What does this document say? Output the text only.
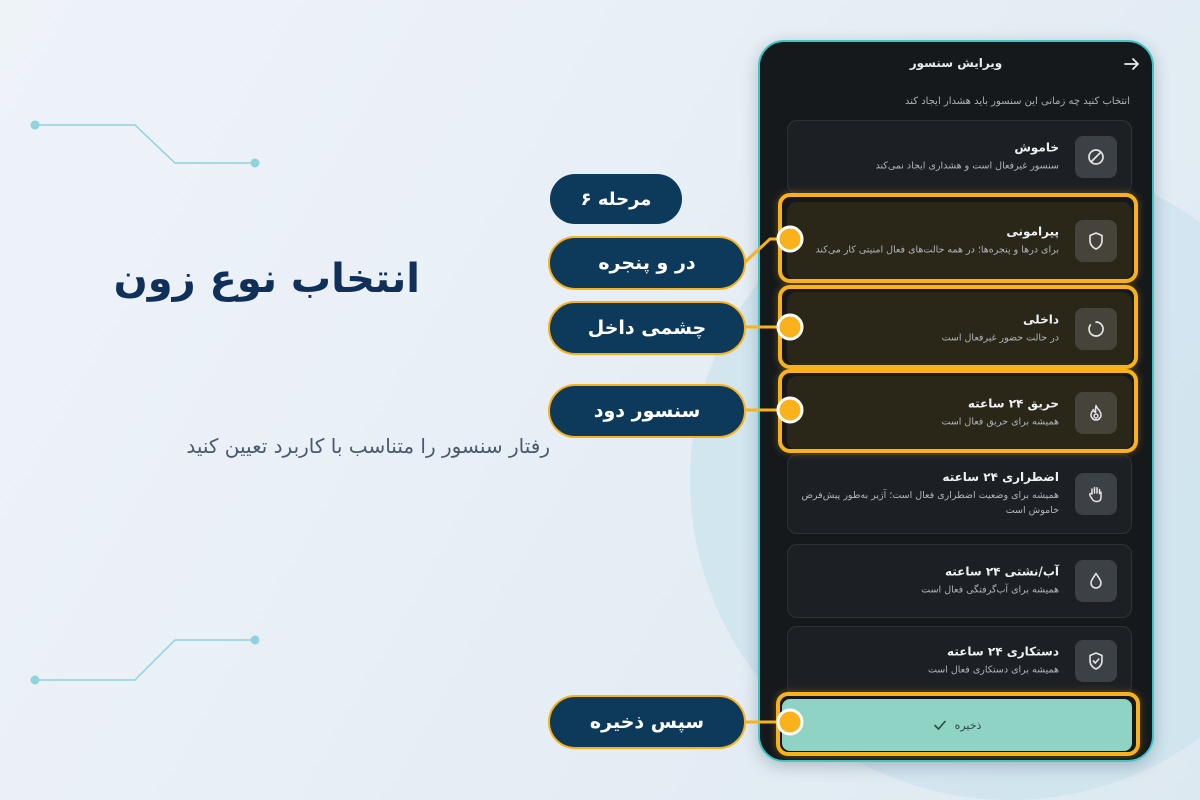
انتخاب نوع زون
رفتار سنسور را متناسب با کاربرد تعیین کنید
ویرایش سنسور
انتخاب کنید چه زمانی این سنسور باید هشدار ایجاد کند
خاموش
سنسور غیرفعال است و هشداری ایجاد نمی‌کند
پیرامونی
برای درها و پنجره‌ها؛ در همه حالت‌های فعال امنیتی کار می‌کند
داخلی
در حالت حضور غیرفعال است
حریق ۲۴ ساعته
همیشه برای حریق فعال است
اضطراری ۲۴ ساعته
همیشه برای وضعیت اضطراری فعال است؛ آژیر به‌طور پیش‌فرض خاموش است
آب/نشتی ۲۴ ساعته
همیشه برای آب‌گرفتگی فعال است
دستکاری ۲۴ ساعته
همیشه برای دستکاری فعال است
ذخیره
مرحله ۶
در و پنجره
چشمی داخل
سنسور دود
سپس ذخیره
